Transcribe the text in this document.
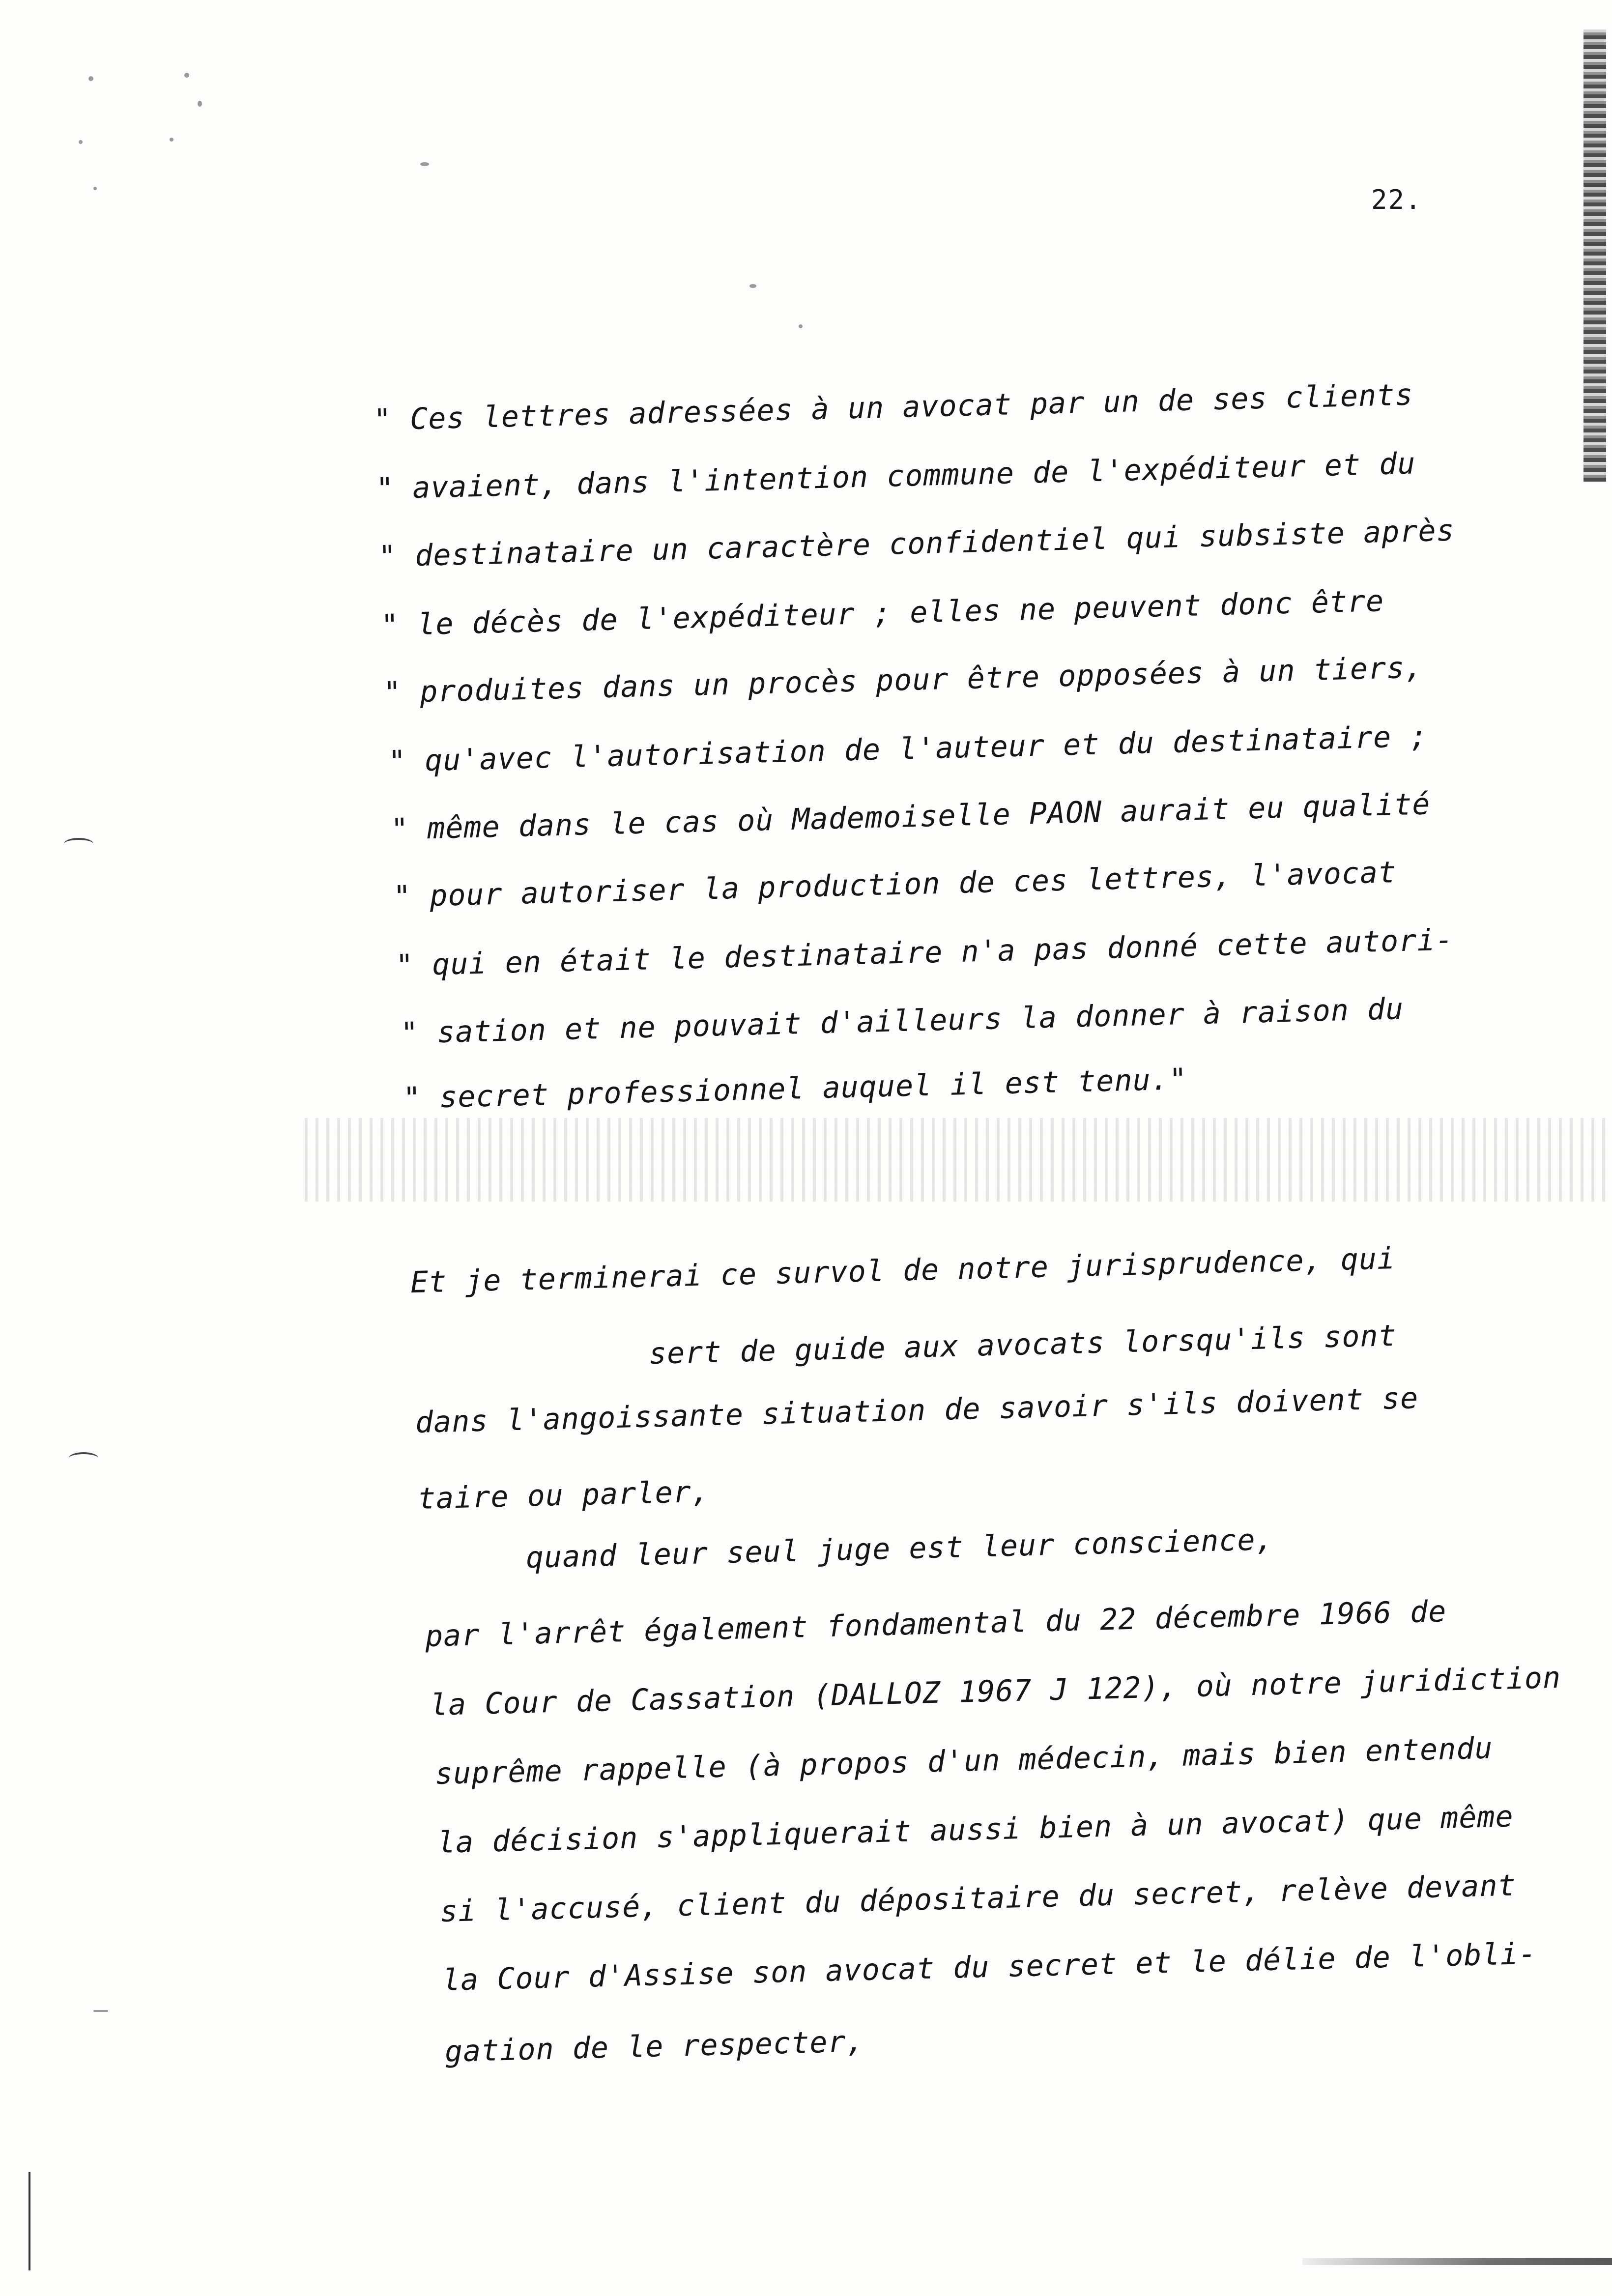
22.
" Ces lettres adressées à un avocat par un de ses clients
" avaient, dans l'intention commune de l'expéditeur et du
" destinataire un caractère confidentiel qui subsiste après
" le décès de l'expéditeur ; elles ne peuvent donc être
" produites dans un procès pour être opposées à un tiers,
" qu'avec l'autorisation de l'auteur et du destinataire ;
" même dans le cas où Mademoiselle PAON aurait eu qualité
" pour autoriser la production de ces lettres, l'avocat
" qui en était le destinataire n'a pas donné cette autori-
" sation et ne pouvait d'ailleurs la donner à raison du
" secret professionnel auquel il est tenu."
Et je terminerai ce survol de notre jurisprudence, qui
sert de guide aux avocats lorsqu'ils sont
dans l'angoissante situation de savoir s'ils doivent se
taire ou parler,
quand leur seul juge est leur conscience,
par l'arrêt également fondamental du 22 décembre 1966 de
la Cour de Cassation (DALLOZ 1967 J 122), où notre juridiction
suprême rappelle (à propos d'un médecin, mais bien entendu
la décision s'appliquerait aussi bien à un avocat) que même
si l'accusé, client du dépositaire du secret, relève devant
la Cour d'Assise son avocat du secret et le délie de l'obli-
gation de le respecter,
